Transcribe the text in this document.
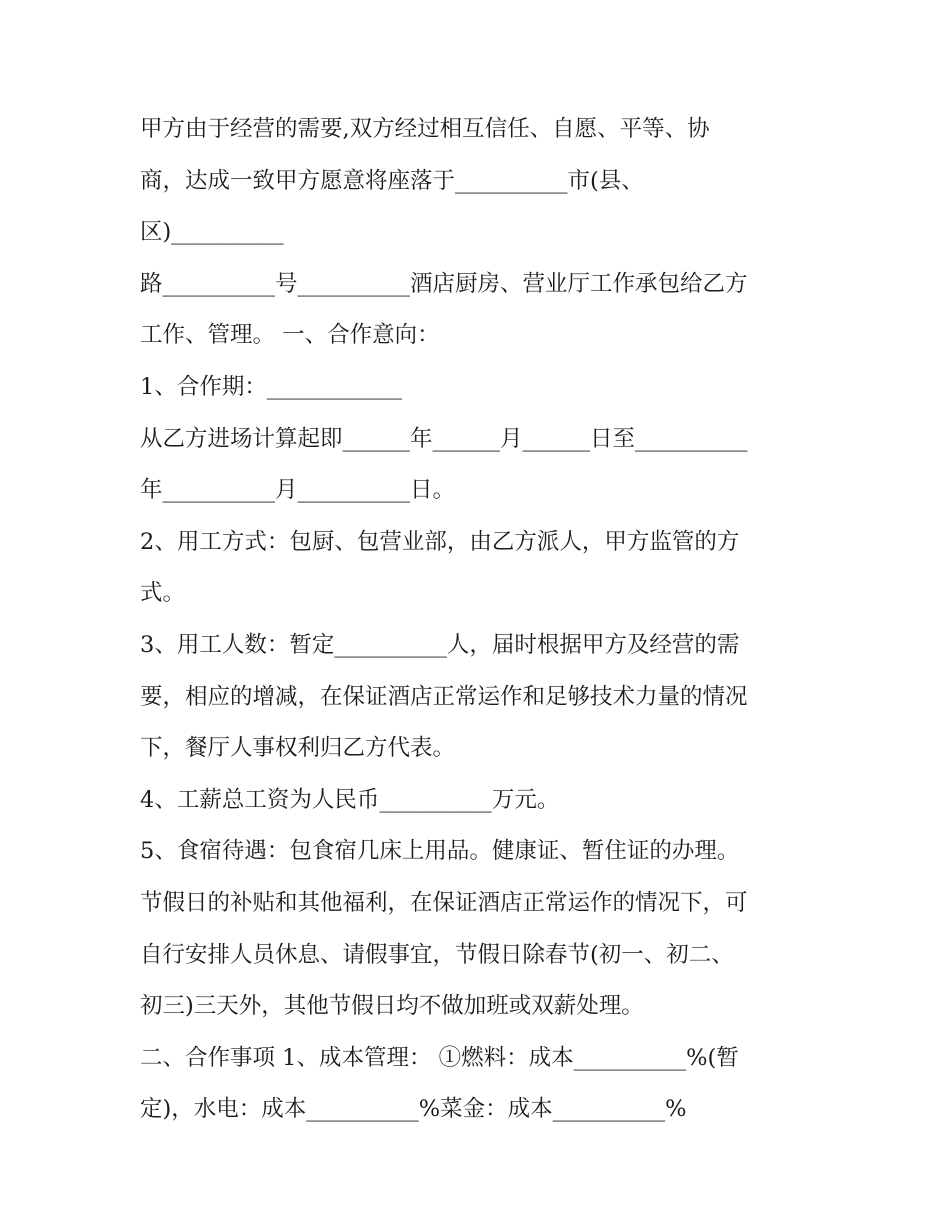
甲方由于经营的需要,双方经过相互信任、自愿、平等、协

商，达成一致甲方愿意将座落于__________市(县、

区)__________

路__________号__________酒店厨房、营业厅工作承包给乙方

工作、管理。 一、合作意向：

1、合作期：____________

从乙方进场计算起即______年______月______日至__________

年__________月__________日。

2、用工方式：包厨、包营业部，由乙方派人，甲方监管的方

式。

3、用工人数：暂定__________人，届时根据甲方及经营的需

要，相应的增减，在保证酒店正常运作和足够技术力量的情况

下，餐厅人事权利归乙方代表。

4、工薪总工资为人民币__________万元。

5、食宿待遇：包食宿几床上用品。健康证、暂住证的办理。

节假日的补贴和其他福利，在保证酒店正常运作的情况下，可

自行安排人员休息、请假事宜，节假日除春节(初一、初二、

初三)三天外，其他节假日均不做加班或双薪处理。

二、合作事项 1、成本管理： ①燃料：成本__________%(暂

定)，水电：成本__________%菜金：成本__________%
